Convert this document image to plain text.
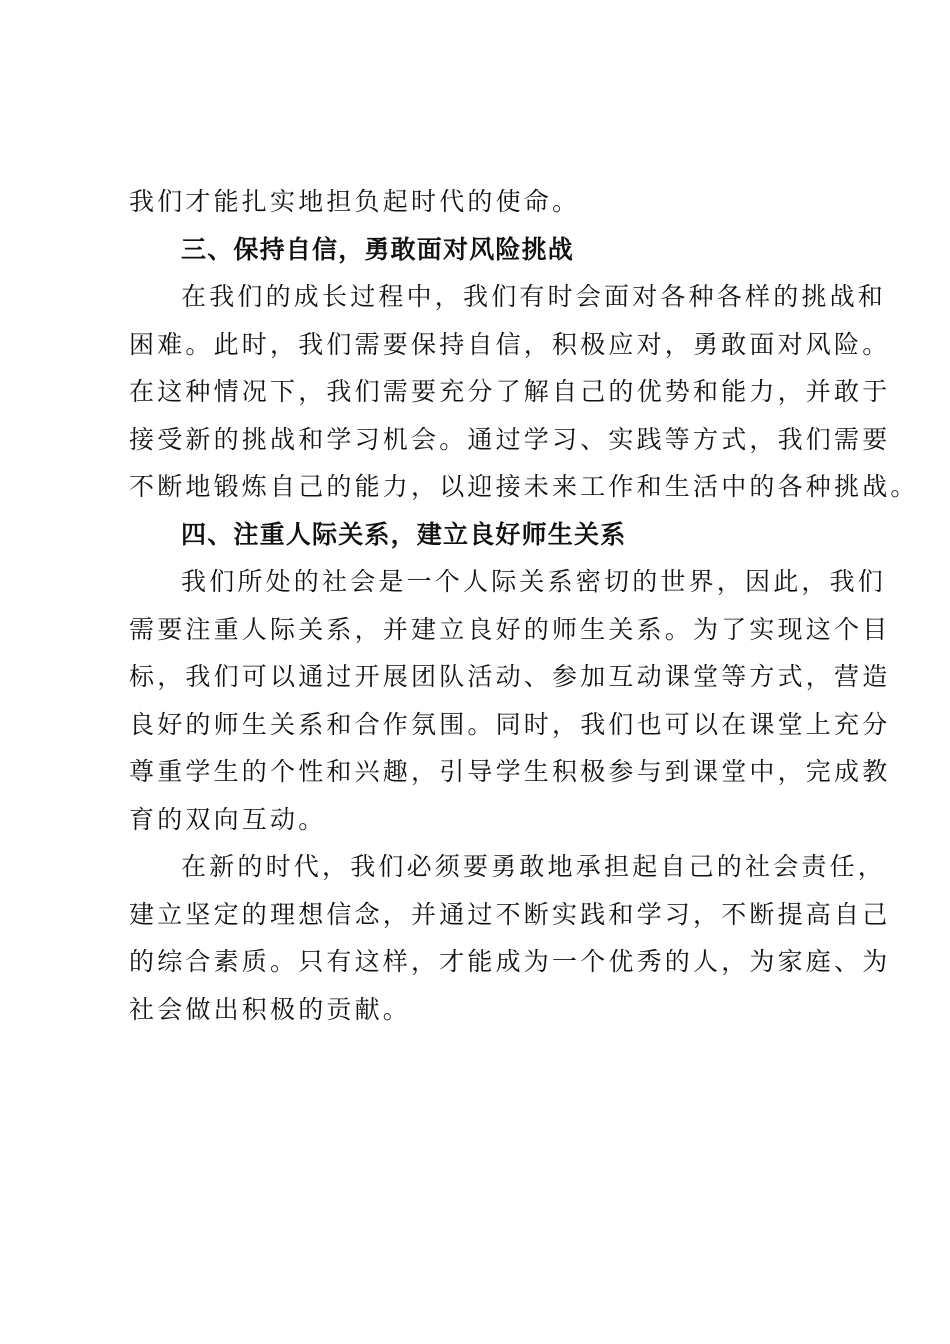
我们才能扎实地担负起时代的使命。
三、保持自信，勇敢面对风险挑战
在我们的成长过程中，我们有时会面对各种各样的挑战和
困难。此时，我们需要保持自信，积极应对，勇敢面对风险。
在这种情况下，我们需要充分了解自己的优势和能力，并敢于
接受新的挑战和学习机会。通过学习、实践等方式，我们需要
不断地锻炼自己的能力，以迎接未来工作和生活中的各种挑战。
四、注重人际关系，建立良好师生关系
我们所处的社会是一个人际关系密切的世界，因此，我们
需要注重人际关系，并建立良好的师生关系。为了实现这个目
标，我们可以通过开展团队活动、参加互动课堂等方式，营造
良好的师生关系和合作氛围。同时，我们也可以在课堂上充分
尊重学生的个性和兴趣，引导学生积极参与到课堂中，完成教
育的双向互动。
在新的时代，我们必须要勇敢地承担起自己的社会责任，
建立坚定的理想信念，并通过不断实践和学习，不断提高自己
的综合素质。只有这样，才能成为一个优秀的人，为家庭、为
社会做出积极的贡献。
